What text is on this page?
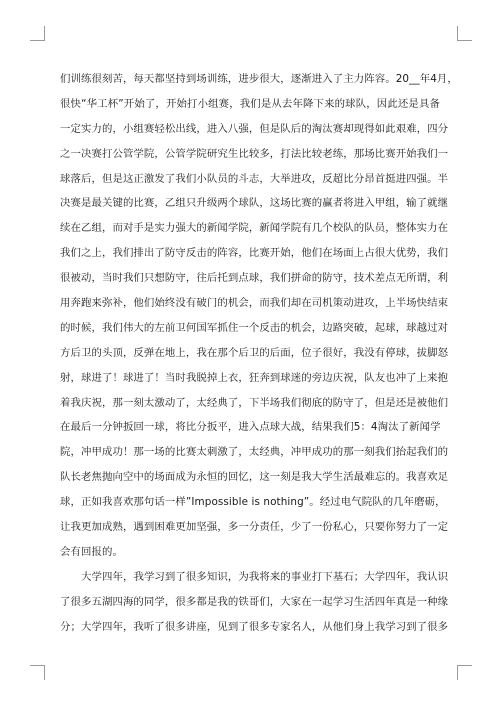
们训练很刻苦，每天都坚持到场训练，进步很大，逐渐进入了主力阵容。20__年4月，
很快“华工杯”开始了，开始打小组赛，我们是从去年降下来的球队，因此还是具备
一定实力的，小组赛轻松出线，进入八强，但是队后的淘汰赛却现得如此艰难，四分
之一决赛打公管学院，公管学院研究生比较多，打法比较老练，那场比赛开始我们一
球落后，但是这正激发了我们小队员的斗志，大举进攻，反超比分昂首挺进四强。半
决赛是最关键的比赛，乙组只升级两个球队，这场比赛的赢者将进入甲组，输了就继
续在乙组，而对手是实力强大的新闻学院，新闻学院有几个校队的队员，整体实力在
我们之上，我们排出了防守反击的阵容，比赛开始，他们在场面上占很大优势，我们
很被动，当时我们只想防守，往后托到点球，我们拼命的防守，技术差点无所谓，利
用奔跑来弥补，他们始终没有破门的机会，而我们却在司机策动进攻，上半场快结束
的时候，我们伟大的左前卫何国军抓住一个反击的机会，边路突破，起球，球越过对
方后卫的头顶，反弹在地上，我在那个后卫的后面，位子很好，我没有停球，拔脚怒
射，球进了！球进了！当时我脱掉上衣，狂奔到球迷的旁边庆祝，队友也冲了上来抱
着我庆祝，那一刻太激动了，太经典了，下半场我们彻底的防守了，但是还是被他们
在最后一分钟扳回一球，将比分扳平，进入点球大战，结果我们5：4淘汰了新闻学
院，冲甲成功！那一场的比赛太刺激了，太经典，冲甲成功的那一刻我们抬起我们的
队长老焦抛向空中的场面成为永恒的回忆，这一刻是我大学生活最难忘的。我喜欢足
球，正如我喜欢那句话一样”Impossible is nothing”。经过电气院队的几年磨砺，
让我更加成熟，遇到困难更加坚强，多一分责任，少了一份私心，只要你努力了一定
会有回报的。

大学四年，我学习到了很多知识，为我将来的事业打下基石；大学四年，我认识
了很多五湖四海的同学，很多都是我的铁哥们，大家在一起学习生活四年真是一种缘
分；大学四年，我听了很多讲座，见到了很多专家名人，从他们身上我学习到了很多
